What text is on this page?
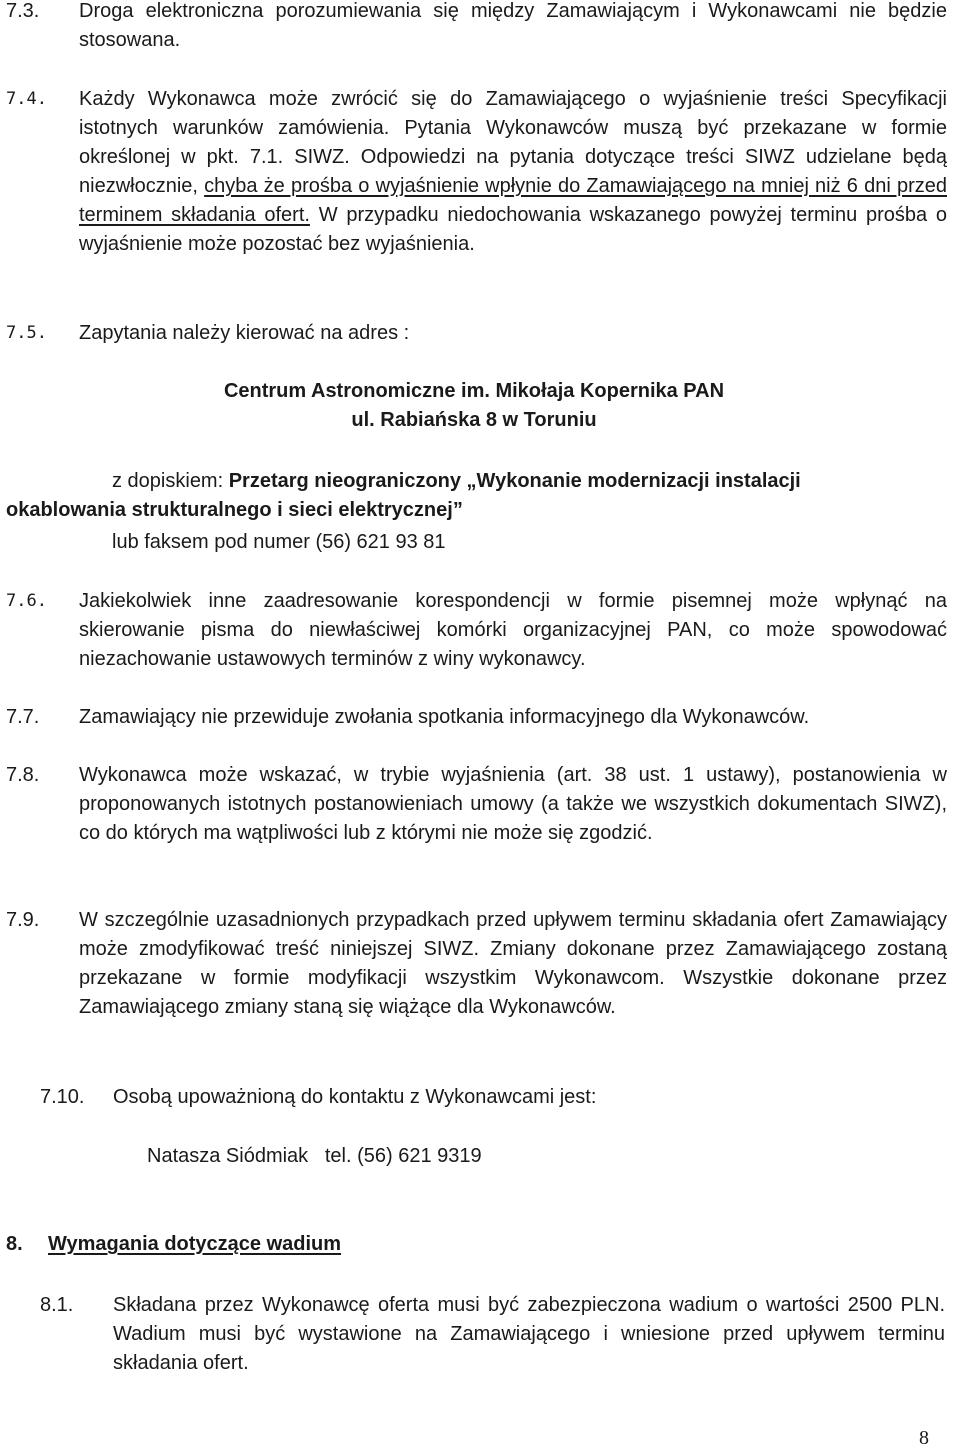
7.3. Droga elektroniczna porozumiewania się między Zamawiającym i Wykonawcami nie będzie stosowana.

7.4. Każdy Wykonawca może zwrócić się do Zamawiającego o wyjaśnienie treści Specyfikacji istotnych warunków zamówienia. Pytania Wykonawców muszą być przekazane w formie określonej w pkt. 7.1. SIWZ. Odpowiedzi na pytania dotyczące treści SIWZ udzielane będą niezwłocznie, chyba że prośba o wyjaśnienie wpłynie do Zamawiającego na mniej niż 6 dni przed terminem składania ofert. W przypadku niedochowania wskazanego powyżej terminu prośba o wyjaśnienie może pozostać bez wyjaśnienia.

7.5. Zapytania należy kierować na adres :

Centrum Astronomiczne im. Mikołaja Kopernika PAN

ul. Rabiańska 8 w Toruniu

z dopiskiem: Przetarg nieograniczony „Wykonanie modernizacji instalacji

okablowania strukturalnego i sieci elektrycznej”

lub faksem pod numer (56) 621 93 81

7.6. Jakiekolwiek inne zaadresowanie korespondencji w formie pisemnej może wpłynąć na skierowanie pisma do niewłaściwej komórki organizacyjnej PAN, co może spowodować niezachowanie ustawowych terminów z winy wykonawcy.

7.7. Zamawiający nie przewiduje zwołania spotkania informacyjnego dla Wykonawców.

7.8. Wykonawca może wskazać, w trybie wyjaśnienia (art. 38 ust. 1 ustawy), postanowienia w proponowanych istotnych postanowieniach umowy (a także we wszystkich dokumentach SIWZ), co do których ma wątpliwości lub z którymi nie może się zgodzić.

7.9. W szczególnie uzasadnionych przypadkach przed upływem terminu składania ofert Zamawiający może zmodyfikować treść niniejszej SIWZ. Zmiany dokonane przez Zamawiającego zostaną przekazane w formie modyfikacji wszystkim Wykonawcom. Wszystkie dokonane przez Zamawiającego zmiany staną się wiążące dla Wykonawców.

7.10. Osobą upoważnioną do kontaktu z Wykonawcami jest:

Natasza Siódmiak   tel. (56) 621 9319

8. Wymagania dotyczące wadium

8.1. Składana przez Wykonawcę oferta musi być zabezpieczona wadium o wartości 2500 PLN. Wadium musi być wystawione na Zamawiającego i wniesione przed upływem terminu składania ofert.

8
